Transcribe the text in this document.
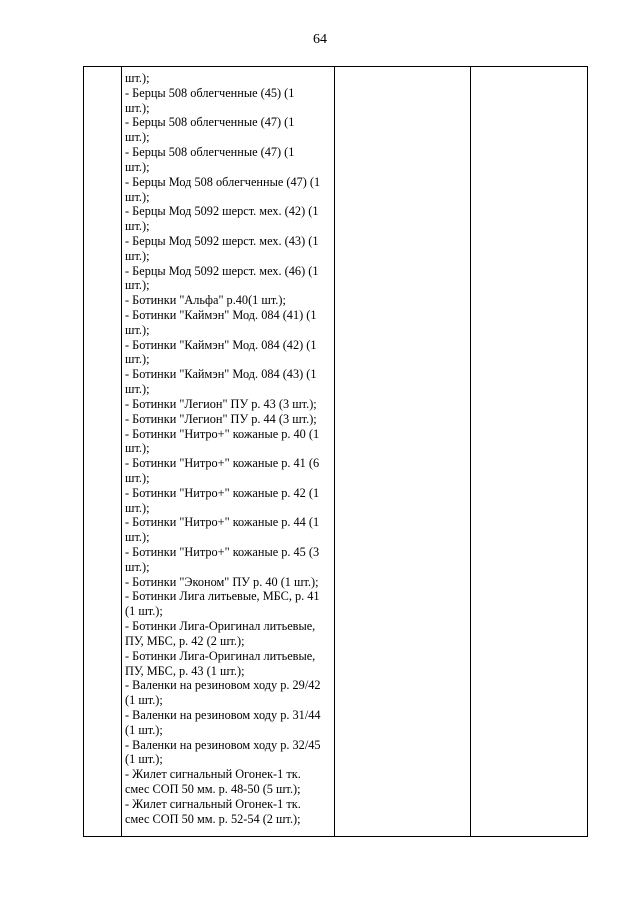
64

шт.);
- Берцы 508 облегченные (45) (1
шт.);
- Берцы 508 облегченные (47) (1
шт.);
- Берцы 508 облегченные (47) (1
шт.);
- Берцы Мод 508 облегченные (47) (1
шт.);
- Берцы Мод 5092 шерст. мех. (42) (1
шт.);
- Берцы Мод 5092 шерст. мех. (43) (1
шт.);
- Берцы Мод 5092 шерст. мех. (46) (1
шт.);
- Ботинки "Альфа" р.40(1 шт.);
- Ботинки "Каймэн" Мод. 084 (41) (1
шт.);
- Ботинки "Каймэн" Мод. 084 (42) (1
шт.);
- Ботинки "Каймэн" Мод. 084 (43) (1
шт.);
- Ботинки "Легион" ПУ р. 43 (3 шт.);
- Ботинки "Легион" ПУ р. 44 (3 шт.);
- Ботинки "Нитро+" кожаные р. 40 (1
шт.);
- Ботинки "Нитро+" кожаные р. 41 (6
шт.);
- Ботинки "Нитро+" кожаные р. 42 (1
шт.);
- Ботинки "Нитро+" кожаные р. 44 (1
шт.);
- Ботинки "Нитро+" кожаные р. 45 (3
шт.);
- Ботинки "Эконом" ПУ р. 40 (1 шт.);
- Ботинки Лига литьевые, МБС, р. 41
(1 шт.);
- Ботинки Лига-Оригинал литьевые,
ПУ, МБС, р. 42 (2 шт.);
- Ботинки Лига-Оригинал литьевые,
ПУ, МБС, р. 43 (1 шт.);
- Валенки на резиновом ходу р. 29/42
(1 шт.);
- Валенки на резиновом ходу р. 31/44
(1 шт.);
- Валенки на резиновом ходу р. 32/45
(1 шт.);
- Жилет сигнальный Огонек-1 тк.
смес СОП 50 мм. р. 48-50 (5 шт.);
- Жилет сигнальный Огонек-1 тк.
смес СОП 50 мм. р. 52-54 (2 шт.);
